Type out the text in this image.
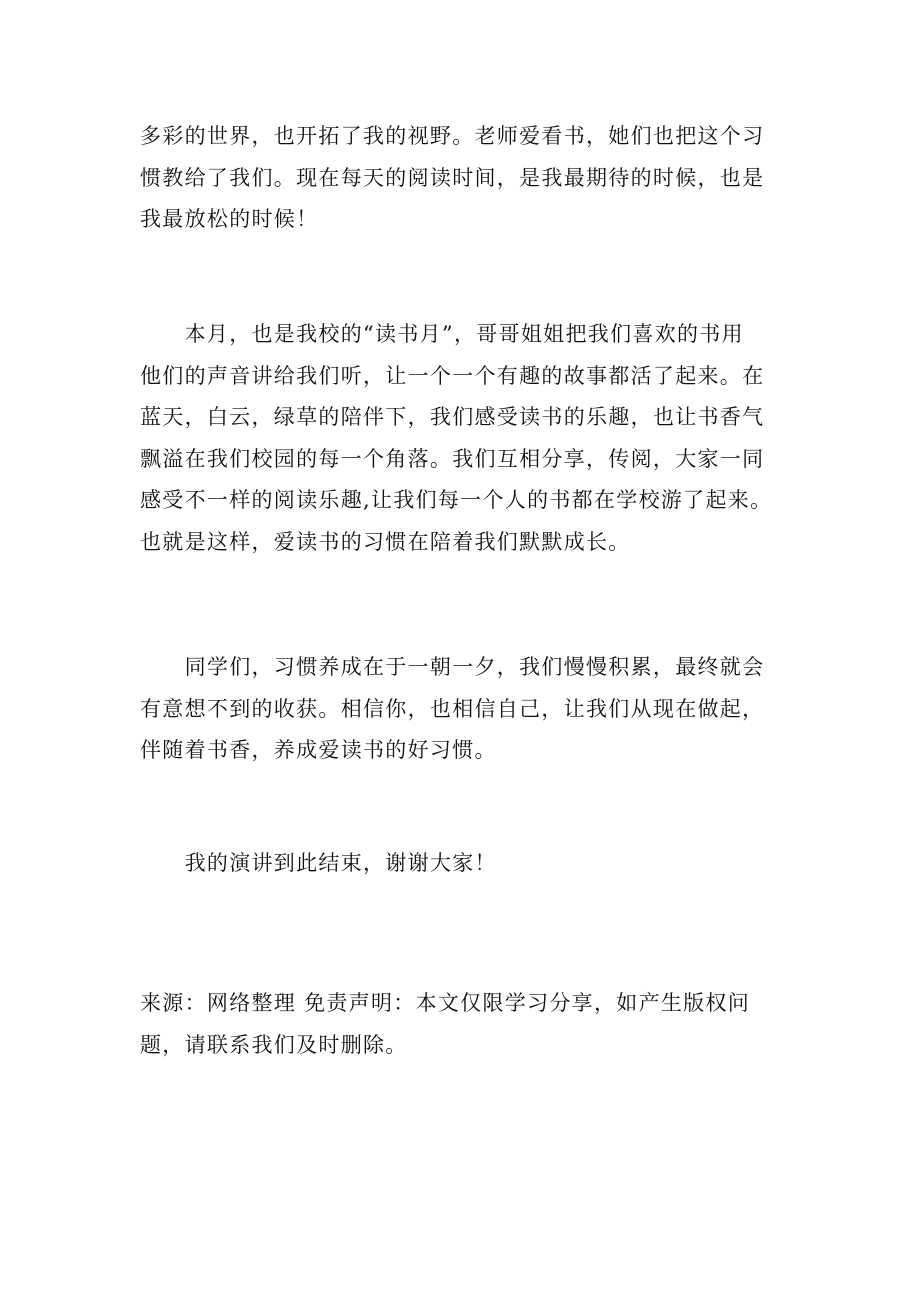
多彩的世界，也开拓了我的视野。老师爱看书，她们也把这个习
惯教给了我们。现在每天的阅读时间，是我最期待的时候，也是
我最放松的时候！

　　本月，也是我校的“读书月”，哥哥姐姐把我们喜欢的书用
他们的声音讲给我们听，让一个一个有趣的故事都活了起来。在
蓝天，白云，绿草的陪伴下，我们感受读书的乐趣，也让书香气
飘溢在我们校园的每一个角落。我们互相分享，传阅，大家一同
感受不一样的阅读乐趣,让我们每一个人的书都在学校游了起来。
也就是这样，爱读书的习惯在陪着我们默默成长。

　　同学们，习惯养成在于一朝一夕，我们慢慢积累，最终就会
有意想不到的收获。相信你，也相信自己，让我们从现在做起，
伴随着书香，养成爱读书的好习惯。

　　我的演讲到此结束，谢谢大家！

来源：网络整理 免责声明：本文仅限学习分享，如产生版权问
题，请联系我们及时删除。
